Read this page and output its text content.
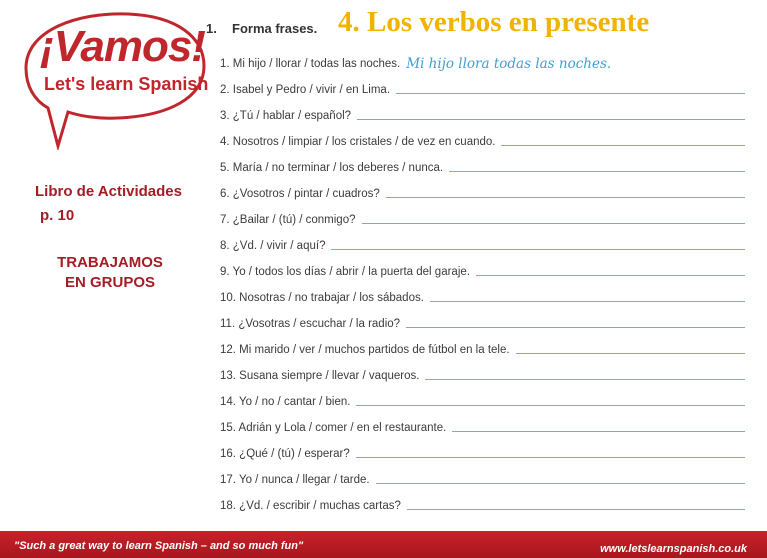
¡Vamos!
Let's learn Spanish
Libro de Actividades
p. 10
TRABAJAMOS
EN GRUPOS
4. Los verbos en presente
1. Forma frases.
1. Mi hijo / llorar / todas las noches. Mi hijo llora todas las noches.
2. Isabel y Pedro / vivir / en Lima.
3. ¿Tú / hablar / español?
4. Nosotros / limpiar / los cristales / de vez en cuando.
5. María / no terminar / los deberes / nunca.
6. ¿Vosotros / pintar / cuadros?
7. ¿Bailar / (tú) / conmigo?
8. ¿Vd. / vivir / aquí?
9. Yo / todos los días / abrir / la puerta del garaje.
10. Nosotras / no trabajar / los sábados.
11. ¿Vosotras / escuchar / la radio?
12. Mi marido / ver / muchos partidos de fútbol en la tele.
13. Susana siempre / llevar / vaqueros.
14. Yo / no / cantar / bien.
15. Adrián y Lola / comer / en el restaurante.
16. ¿Qué / (tú) / esperar?
17. Yo / nunca / llegar / tarde.
18. ¿Vd. / escribir / muchas cartas?
"Such a great way to learn Spanish – and so much fun"	www.letslearnspanish.co.uk
